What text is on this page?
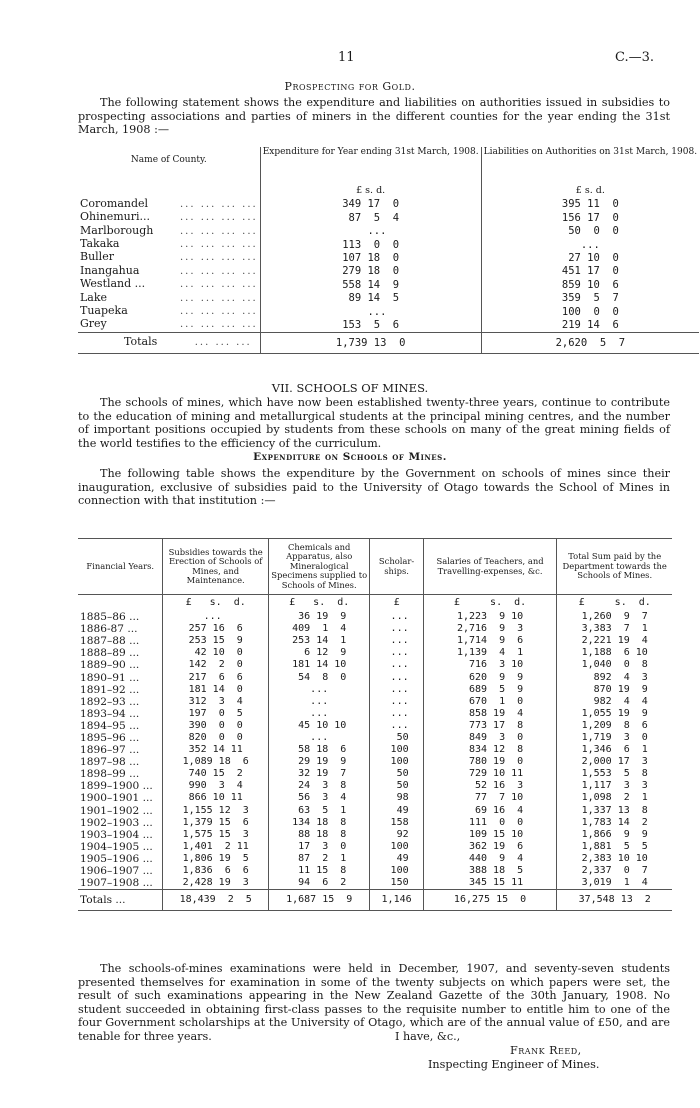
11	C.—3.

Prospecting for Gold.

The following statement shows the expenditure and liabilities on authorities issued in subsidies to prospecting associations and parties of miners in the different counties for the year ending the 31st March, 1908 :—

Name of County.	Expenditure for Year ending 31st March, 1908.	Liabilities on Authorities on 31st March, 1908.

	£ s. d.	£ s. d.
Coromandel ... ... ... ...	349 17  0	395 11  0
Ohinemuri... ... ... ... ...	87  5  4	156 17  0
Marlborough ... ... ... ...	...	50  0  0
Takaka ... ... ... ...	113  0  0	...
Buller ... ... ... ...	107 18  0	27 10  0
Inangahua ... ... ... ...	279 18  0	451 17  0
Westland ... ... ... ... ...	558 14  9	859 10  6
Lake ... ... ... ...	89 14  5	359  5  7
Tuapeka ... ... ... ...	...	100  0  0
Grey ... ... ... ...	153  5  6	219 14  6
Totals ... ... ...	1,739 13  0	2,620  5  7

VII. SCHOOLS OF MINES.

The schools of mines, which have now been established twenty-three years, continue to contribute to the education of mining and metallurgical students at the principal mining centres, and the number of important positions occupied by students from these schools on many of the great mining fields of the world testifies to the efficiency of the curriculum.

Expenditure on Schools of Mines.

The following table shows the expenditure by the Government on schools of mines since their inauguration, exclusive of subsidies paid to the University of Otago towards the School of Mines in connection with that institution :—

Financial Years.	Subsidies towards the Erection of Schools of Mines, and Maintenance.	Chemicals and Apparatus, also Mineralogical Specimens supplied to Schools of Mines.	Scholar-ships.	Salaries of Teachers, and Travelling-expenses, &c.	Total Sum paid by the Department towards the Schools of Mines.
	£   s.  d.	£   s.  d.	£	£     s.  d.	£     s.  d.
1885–86 ...	...	36 19  9	...	1,223  9 10	1,260  9  7
1886-87 ...	257 16  6	409  1  4	...	2,716  9  3	3,383  7  1
1887–88 ...	253 15  9	253 14  1	...	1,714  9  6	2,221 19  4
1888–89 ...	42 10  0	6 12  9	...	1,139  4  1	1,188  6 10
1889–90 ...	142  2  0	181 14 10	...	716  3 10	1,040  0  8
1890–91 ...	217  6  6	54  8  0	...	620  9  9	892  4  3
1891–92 ...	181 14  0	...	...	689  5  9	870 19  9
1892–93 ...	312  3  4	...	...	670  1  0	982  4  4
1893–94 ...	197  0  5	...	...	858 19  4	1,055 19  9
1894–95 ...	390  0  0	45 10 10	...	773 17  8	1,209  8  6
1895–96 ...	820  0  0	...	50	849  3  0	1,719  3  0
1896–97 ...	352 14 11	58 18  6	100	834 12  8	1,346  6  1
1897–98 ...	1,089 18  6	29 19  9	100	780 19  0	2,000 17  3
1898–99 ...	740 15  2	32 19  7	50	729 10 11	1,553  5  8
1899–1900 ...	990  3  4	24  3  8	50	52 16  3	1,117  3  3
1900–1901 ...	866 10 11	56  3  4	98	77  7 10	1,098  2  1
1901–1902 ...	1,155 12  3	63  5  1	49	69 16  4	1,337 13  8
1902–1903 ...	1,379 15  6	134 18  8	158	111  0  0	1,783 14  2
1903–1904 ...	1,575 15  3	88 18  8	92	109 15 10	1,866  9  9
1904–1905 ...	1,401  2 11	17  3  0	100	362 19  6	1,881  5  5
1905–1906 ...	1,806 19  5	87  2  1	49	440  9  4	2,383 10 10
1906–1907 ...	1,836  6  6	11 15  8	100	388 18  5	2,337  0  7
1907–1908 ...	2,428 19  3	94  6  2	150	345 15 11	3,019  1  4
Totals ...	18,439  2  5	1,687 15  9	1,146	16,275 15  0	37,548 13  2

The schools-of-mines examinations were held in December, 1907, and seventy-seven students presented themselves for examination in some of the twenty subjects on which papers were set, the result of such examinations appearing in the New Zealand Gazette of the 30th January, 1908. No student succeeded in obtaining first-class passes to the requisite number to entitle him to one of the four Government scholarships at the University of Otago, which are of the annual value of £50, and are tenable for three years.	I have, &c.,

Frank Reed,

Inspecting Engineer of Mines.
